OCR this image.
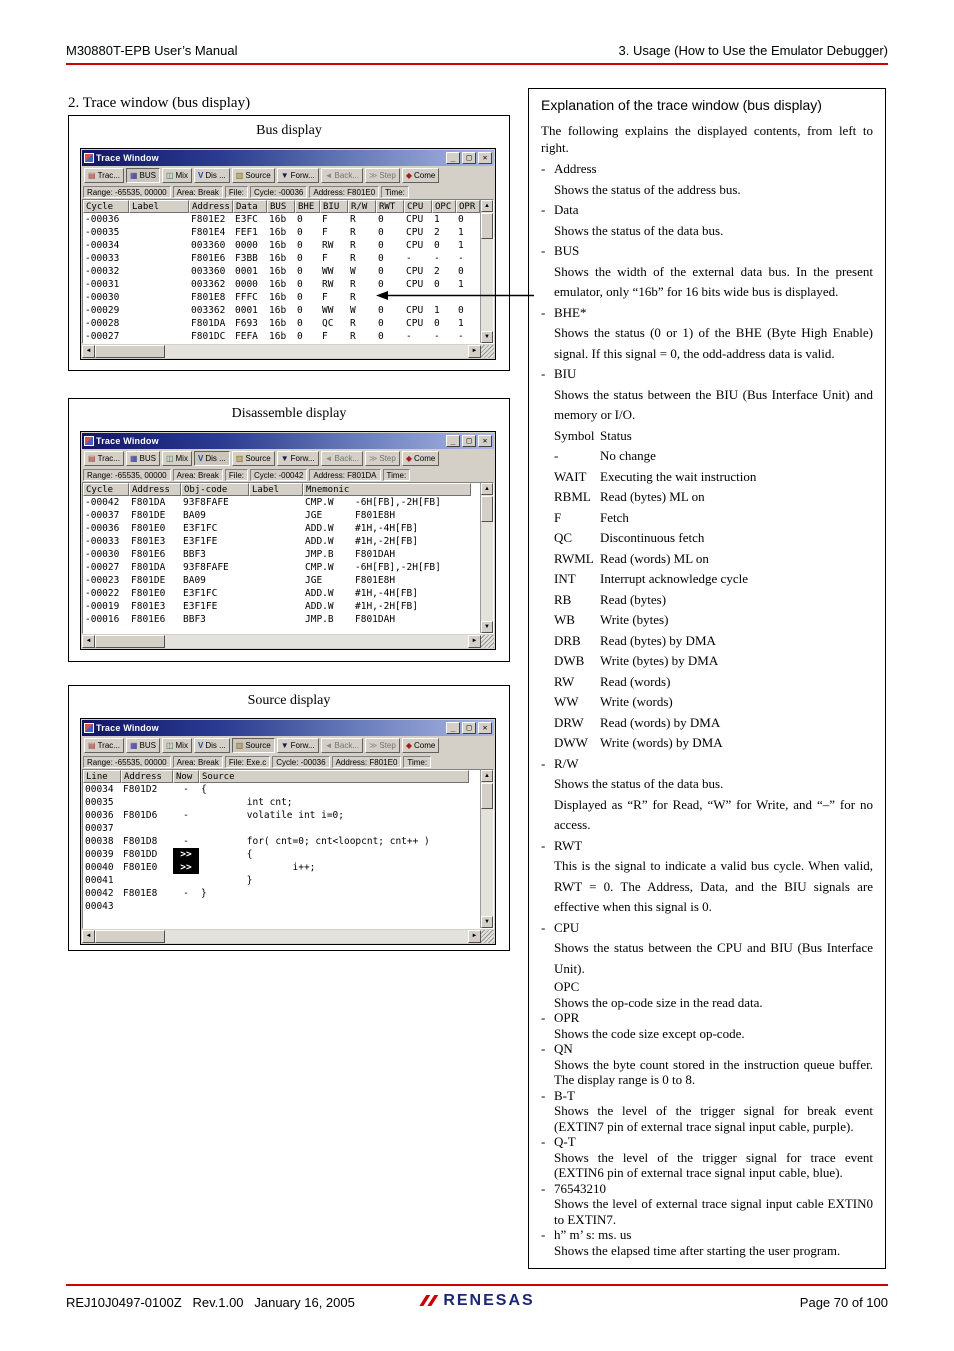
M30880T-EPB User’s Manual	3. Usage (How to Use the Emulator Debugger)
2. Trace window (bus display)
Bus display
Trace Window	_	□	✕
▤ Trac... ▦ BUS ◫ Mix V Dis ... ▥ Source ▼ Forw... ◄ Back... ≫ Step ◆ Come
Range: -65535, 00000	Area: Break	File:	Cycle: -00036	Address: F801E0	Time:
Cycle	Label	Address	Data	BUS	BHE	BIU	R/W	RWT	CPU	OPC	OPR
-00036		F801E2	E3FC	16b	0	F	R	0	CPU	1	0
-00035		F801E4	FEF1	16b	0	F	R	0	CPU	2	1
-00034		003360	0000	16b	0	RW	R	0	CPU	0	1
-00033		F801E6	F3BB	16b	0	F	R	0	-	-	-
-00032		003360	0001	16b	0	WW	W	0	CPU	2	0
-00031		003362	0000	16b	0	RW	R	0	CPU	0	1
-00030		F801E8	FFFC	16b	0	F	R				
-00029		003362	0001	16b	0	WW	W	0	CPU	1	0
-00028		F801DA	F693	16b	0	QC	R	0	CPU	0	1
-00027		F801DC	FEFA	16b	0	F	R	0	-	-	-
▲
▼
◄	►
Disassemble display
Trace Window	_	□	✕
▤ Trac... ▦ BUS ◫ Mix V Dis ... ▥ Source ▼ Forw... ◄ Back... ≫ Step ◆ Come
Range: -65535, 00000	Area: Break	File:	Cycle: -00042	Address: F801DA	Time:
Cycle	Address	Obj-code	Label	Mnemonic
-00042	F801DA	93F8FAFE		CMP.W -6H[FB],-2H[FB]
-00037	F801DE	BA09		JGE F801E8H
-00036	F801E0	E3F1FC		ADD.W #1H,-4H[FB]
-00033	F801E3	E3F1FE		ADD.W #1H,-2H[FB]
-00030	F801E6	BBF3		JMP.B F801DAH
-00027	F801DA	93F8FAFE		CMP.W -6H[FB],-2H[FB]
-00023	F801DE	BA09		JGE F801E8H
-00022	F801E0	E3F1FC		ADD.W #1H,-4H[FB]
-00019	F801E3	E3F1FE		ADD.W #1H,-2H[FB]
-00016	F801E6	BBF3		JMP.B F801DAH
▲
▼
◄	►
Source display
Trace Window	_	□	✕
▤ Trac... ▦ BUS ◫ Mix V Dis ... ▥ Source ▼ Forw... ◄ Back... ≫ Step ◆ Come
Range: -65535, 00000	Area: Break	File: Exe.c	Cycle: -00036	Address: F801E0	Time:
Line	Address	Now	Source
00034	F801D2	-	{
00035			int cnt;
00036	F801D6	-	volatile int i=0;
00037			
00038	F801D8	-	for( cnt=0; cnt<loopcnt; cnt++ )
00039	F801DD	>>	{
00040	F801E0	>>	i++;
00041			}
00042	F801E8	-	}
00043			
▲
▼
◄	►
Explanation of the trace window (bus display)
The following explains the displayed contents, from left to right.
- Address
Shows the status of the address bus.
- Data
Shows the status of the data bus.
- BUS
Shows the width of the external data bus. In the present emulator, only “16b” for 16 bits wide bus is displayed.
- BHE*
Shows the status (0 or 1) of the BHE (Byte High Enable) signal. If this signal = 0, the odd-address data is valid.
- BIU
Shows the status between the BIU (Bus Interface Unit) and memory or I/O.
Symbol Status
-	No change
WAIT	Executing the wait instruction
RBML Read (bytes) ML on
F	Fetch
QC	Discontinuous fetch
RWML Read (words) ML on
INT	Interrupt acknowledge cycle
RB	Read (bytes)
WB	Write (bytes)
DRB	Read (bytes) by DMA
DWB	Write (bytes) by DMA
RW	Read (words)
WW	Write (words)
DRW	Read (words) by DMA
DWW Write (words) by DMA
- R/W
Shows the status of the data bus.
Displayed as “R” for Read, “W” for Write, and “–” for no access.
- RWT
This is the signal to indicate a valid bus cycle. When valid, RWT = 0. The Address, Data, and the BIU signals are effective when this signal is 0.
- CPU
Shows the status between the CPU and BIU (Bus Interface Unit).
OPC
Shows the op-code size in the read data.
- OPR
Shows the code size except op-code.
- QN
Shows the byte count stored in the instruction queue buffer. The display range is 0 to 8.
- B-T
Shows the level of the trigger signal for break event (EXTIN7 pin of external trace signal input cable, purple).
- Q-T
Shows the level of the trigger signal for trace event (EXTIN6 pin of external trace signal input cable, blue).
- 76543210
Shows the level of external trace signal input cable EXTIN0 to EXTIN7.
- h” m’ s: ms. us
Shows the elapsed time after starting the user program.
REJ10J0497-0100Z   Rev.1.00   January 16, 2005	RENESAS	Page 70 of 100
